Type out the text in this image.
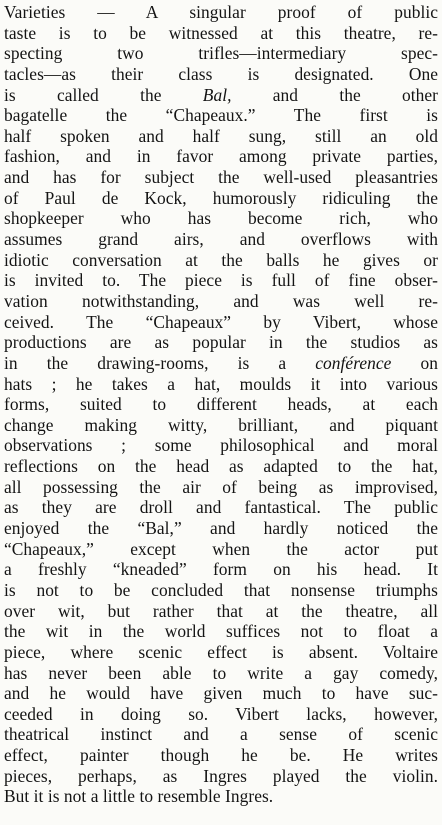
Varieties — A singular proof of public
taste is to be witnessed at this theatre, re-
specting two trifles—intermediary spec-
tacles—as their class is designated. One
is called the Bal, and the other
bagatelle the “Chapeaux.” The first is
half spoken and half sung, still an old
fashion, and in favor among private parties,
and has for subject the well-used pleasantries
of Paul de Kock, humorously ridiculing the
shopkeeper who has become rich, who
assumes grand airs, and overflows with
idiotic conversation at the balls he gives or
is invited to. The piece is full of fine obser-
vation notwithstanding, and was well re-
ceived. The “Chapeaux” by Vibert, whose
productions are as popular in the studios as
in the drawing-rooms, is a conférence on
hats ; he takes a hat, moulds it into various
forms, suited to different heads, at each
change making witty, brilliant, and piquant
observations ; some philosophical and moral
reflections on the head as adapted to the hat,
all possessing the air of being as improvised,
as they are droll and fantastical. The public
enjoyed the “Bal,” and hardly noticed the
“Chapeaux,” except when the actor put
a freshly “kneaded” form on his head. It
is not to be concluded that nonsense triumphs
over wit, but rather that at the theatre, all
the wit in the world suffices not to float a
piece, where scenic effect is absent. Voltaire
has never been able to write a gay comedy,
and he would have given much to have suc-
ceeded in doing so. Vibert lacks, however,
theatrical instinct and a sense of scenic
effect, painter though he be. He writes
pieces, perhaps, as Ingres played the violin.
But it is not a little to resemble Ingres.
